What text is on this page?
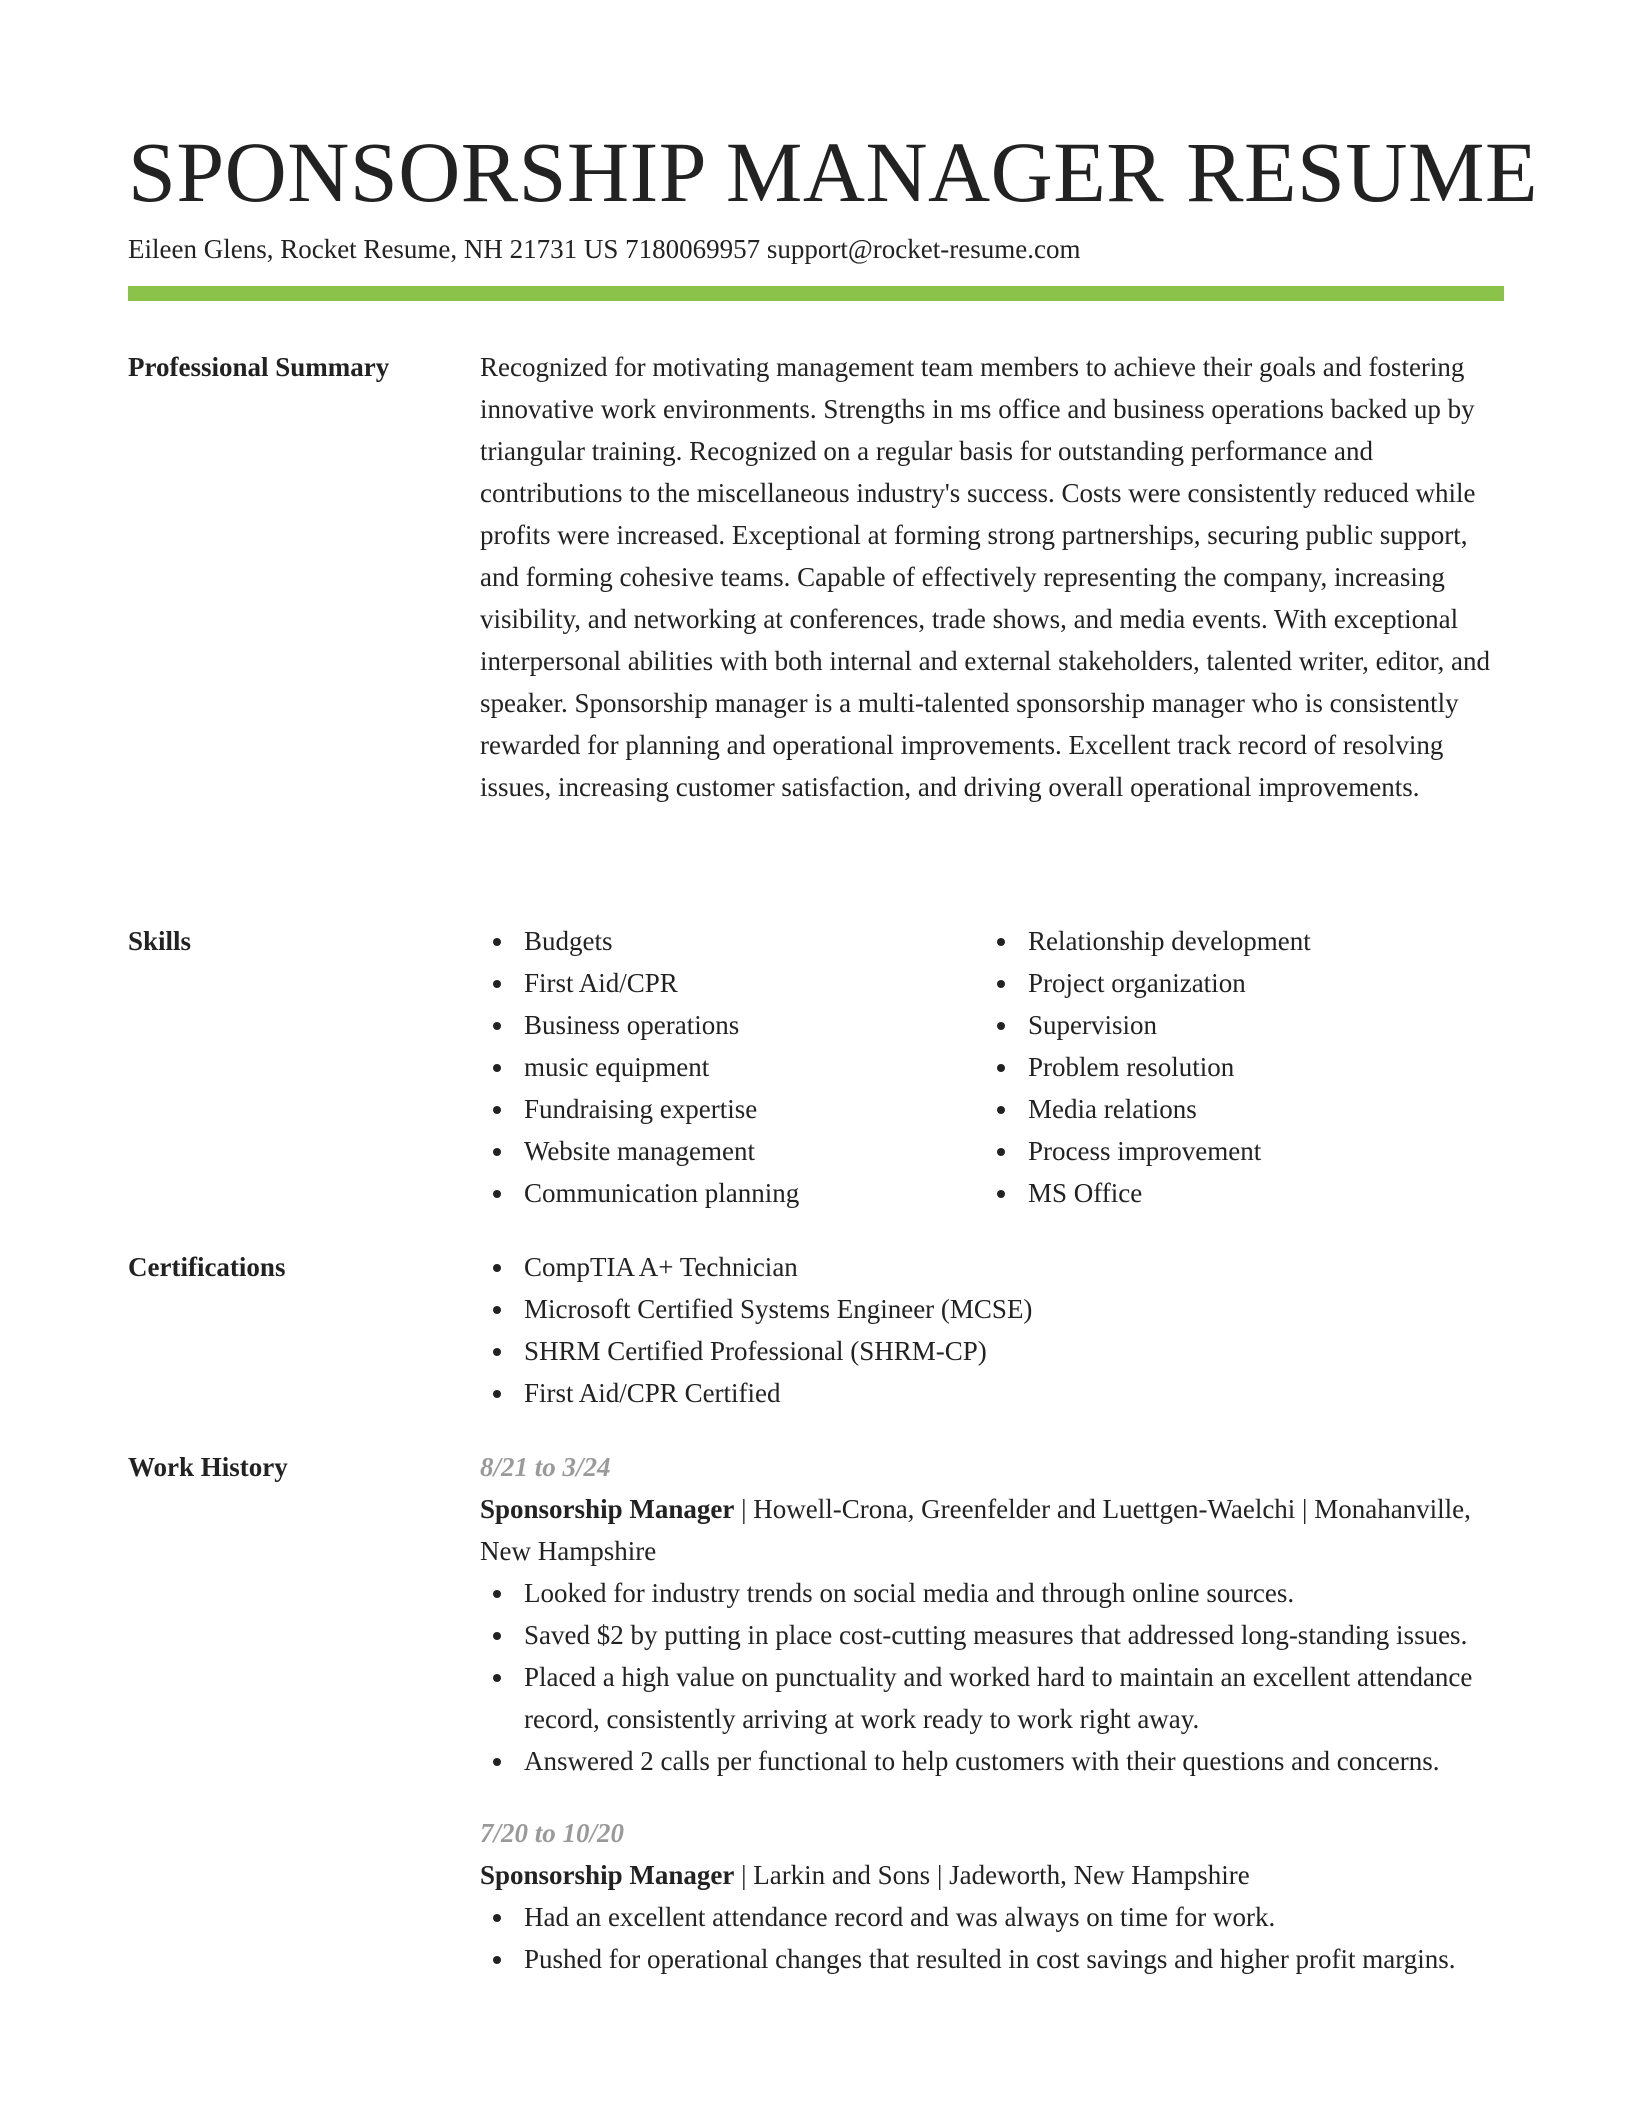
SPONSORSHIP MANAGER RESUME
Eileen Glens, Rocket Resume, NH 21731 US 7180069957 support@rocket-resume.com
Professional Summary	Recognized for motivating management team members to achieve their goals and fostering innovative work environments. Strengths in ms office and business operations backed up by triangular training. Recognized on a regular basis for outstanding performance and contributions to the miscellaneous industry's success. Costs were consistently reduced while profits were increased. Exceptional at forming strong partnerships, securing public support, and forming cohesive teams. Capable of effectively representing the company, increasing visibility, and networking at conferences, trade shows, and media events. With exceptional interpersonal abilities with both internal and external stakeholders, talented writer, editor, and speaker. Sponsorship manager is a multi-talented sponsorship manager who is consistently rewarded for planning and operational improvements. Excellent track record of resolving issues, increasing customer satisfaction, and driving overall operational improvements.

Skills	Budgets
First Aid/CPR
Business operations
music equipment
Fundraising expertise
Website management
Communication planning
Relationship development
Project organization
Supervision
Problem resolution
Media relations
Process improvement
MS Office
Certifications	CompTIA A+ Technician
Microsoft Certified Systems Engineer (MCSE)
SHRM Certified Professional (SHRM-CP)
First Aid/CPR Certified
Work History	8/21 to 3/24
Sponsorship Manager | Howell-Crona, Greenfelder and Luettgen-Waelchi | Monahanville, New Hampshire
Looked for industry trends on social media and through online sources.
Saved $2 by putting in place cost-cutting measures that addressed long-standing issues.
Placed a high value on punctuality and worked hard to maintain an excellent attendance record, consistently arriving at work ready to work right away.
Answered 2 calls per functional to help customers with their questions and concerns.
7/20 to 10/20
Sponsorship Manager | Larkin and Sons | Jadeworth, New Hampshire
Had an excellent attendance record and was always on time for work.
Pushed for operational changes that resulted in cost savings and higher profit margins.
